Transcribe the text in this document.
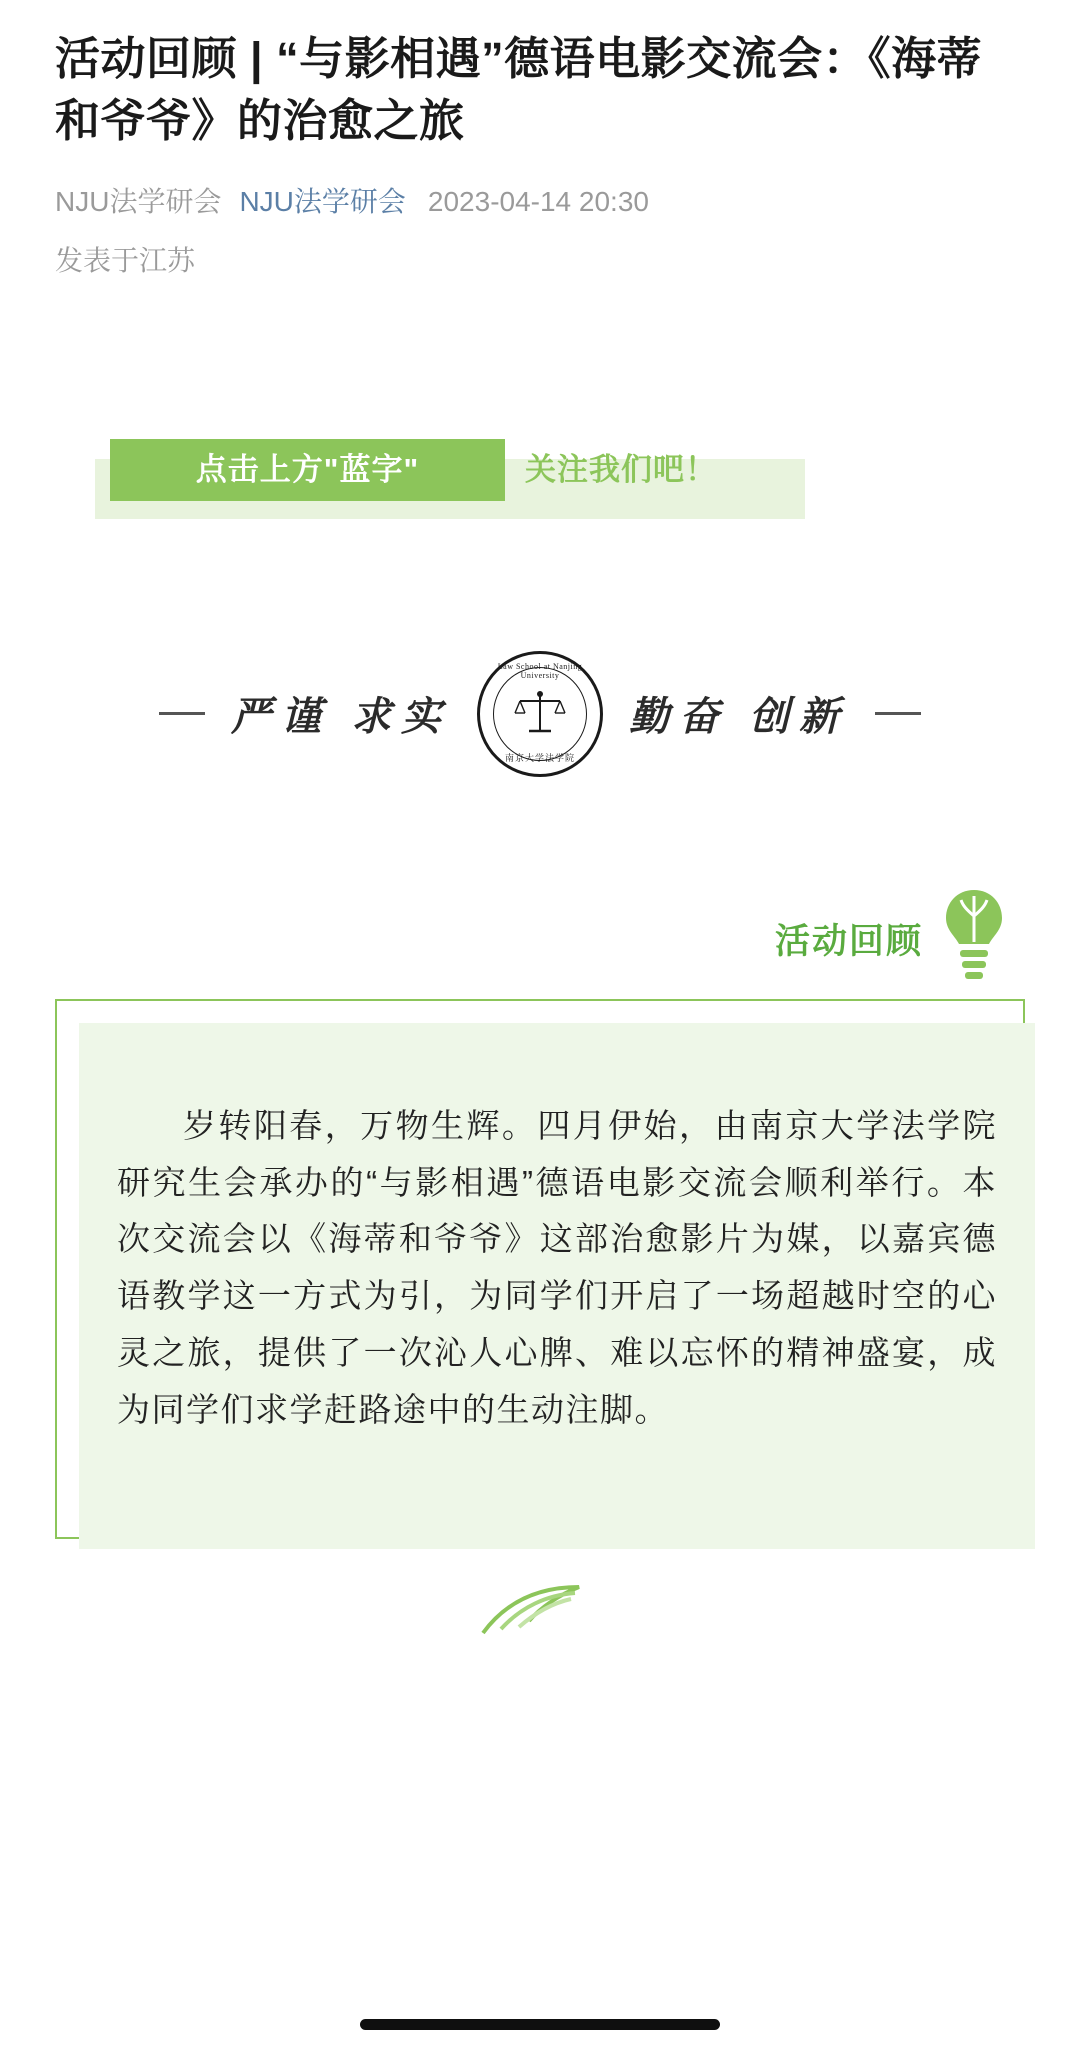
活动回顾 | “与影相遇”德语电影交流会：《海蒂和爷爷》的治愈之旅
NJU法学研会 NJU法学研会 2023-04-14 20:30
发表于江苏
点击上方"蓝字"	关注我们吧！
严谨 求实
Law School at Nanjing University
南京大学法学院
勤奋 创新
活动回顾

岁转阳春，万物生辉。四月伊始，由南京大学法学院研究生会承办的“与影相遇”德语电影交流会顺利举行。本次交流会以《海蒂和爷爷》这部治愈影片为媒，以嘉宾德语教学这一方式为引，为同学们开启了一场超越时空的心灵之旅，提供了一次沁人心脾、难以忘怀的精神盛宴，成为同学们求学赶路途中的生动注脚。
